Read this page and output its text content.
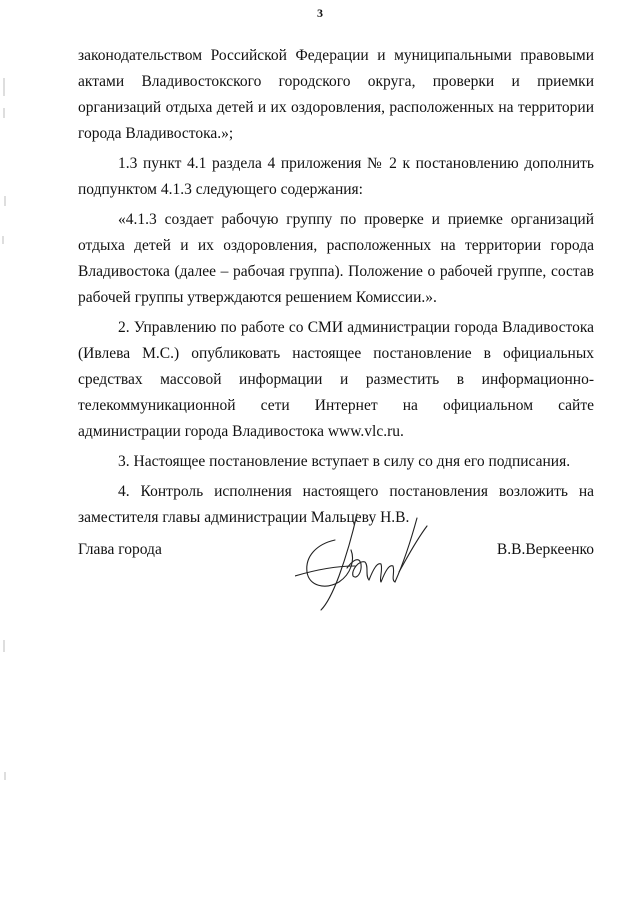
3

законодательством Российской Федерации и муниципальными правовыми актами Владивостокского городского округа, проверки и приемки организаций отдыха детей и их оздоровления, расположенных на территории города Владивостока.»;

1.3 пункт 4.1 раздела 4 приложения № 2 к постановлению дополнить подпунктом 4.1.3 следующего содержания:

«4.1.3 создает рабочую группу по проверке и приемке организаций отдыха детей и их оздоровления, расположенных на территории города Владивостока (далее – рабочая группа). Положение о рабочей группе, состав рабочей группы утверждаются решением Комиссии.».

2. Управлению по работе со СМИ администрации города Владивостока (Ивлева М.С.) опубликовать настоящее постановление в официальных средствах массовой информации и разместить в информационно-телекоммуникационной сети Интернет на официальном сайте администрации города Владивостока www.vlc.ru.

3. Настоящее постановление вступает в силу со дня его подписания.

4. Контроль исполнения настоящего постановления возложить на заместителя главы администрации Мальцеву Н.В.

Глава города	В.В.Веркеенко
